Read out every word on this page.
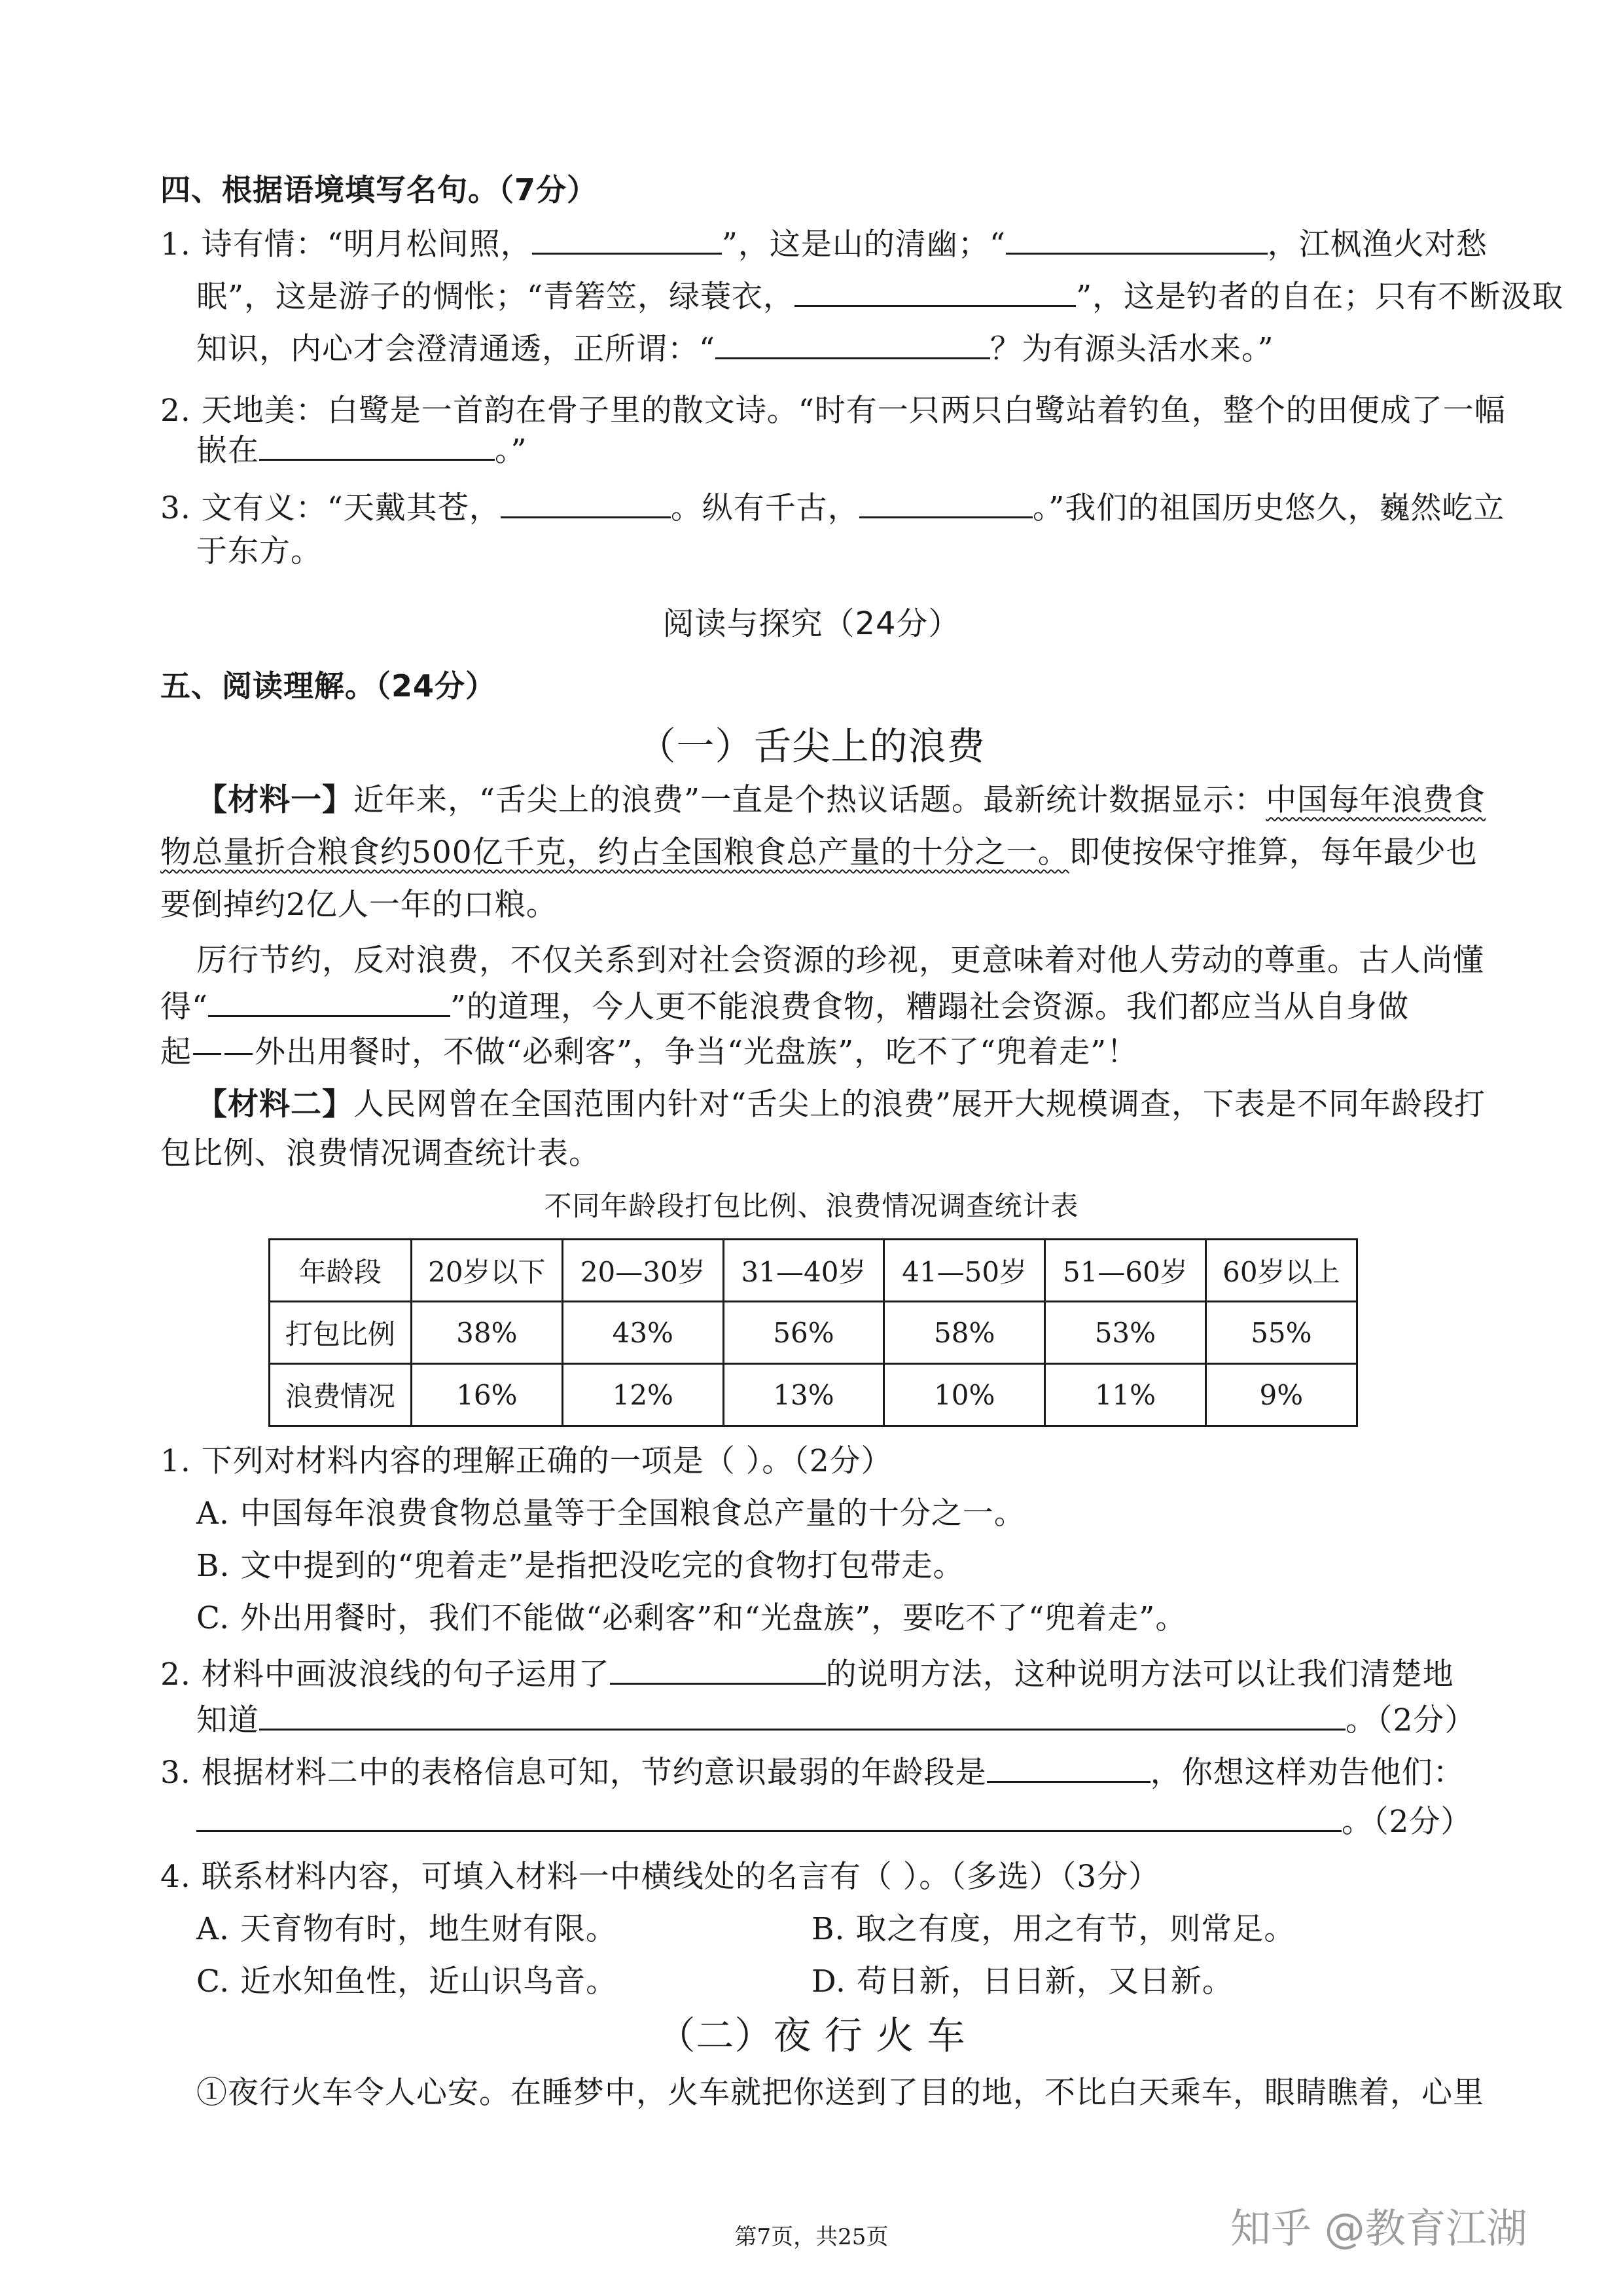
四、根据语境填写名句。（7分）
1. 诗有情：“明月松间照，	”，这是山的清幽；“	，江枫渔火对愁
眠”，这是游子的惆怅；“青箬笠，绿蓑衣，	”，这是钓者的自在；只有不断汲取
知识，内心才会澄清通透，正所谓：“	？为有源头活水来。”
2. 天地美：白鹭是一首韵在骨子里的散文诗。“时有一只两只白鹭站着钓鱼，整个的田便成了一幅
嵌在	。”
3. 文有义：“天戴其苍，	。纵有千古，	。”我们的祖国历史悠久，巍然屹立
于东方。
阅读与探究（24分）
五、阅读理解。（24分）
（一）舌尖上的浪费
【材料一】近年来，“舌尖上的浪费”一直是个热议话题。最新统计数据显示：中国每年浪费食
物总量折合粮食约500亿千克，约占全国粮食总产量的十分之一。即使按保守推算，每年最少也
要倒掉约2亿人一年的口粮。
厉行节约，反对浪费，不仅关系到对社会资源的珍视，更意味着对他人劳动的尊重。古人尚懂
得“	”的道理，今人更不能浪费食物，糟蹋社会资源。我们都应当从自身做
起——外出用餐时，不做“必剩客”，争当“光盘族”，吃不了“兜着走”！
【材料二】人民网曾在全国范围内针对“舌尖上的浪费”展开大规模调查，下表是不同年龄段打
包比例、浪费情况调查统计表。
不同年龄段打包比例、浪费情况调查统计表
年龄段	20岁以下	20—30岁	31—40岁	41—50岁	51—60岁	60岁以上
打包比例	38%	43%	56%	58%	53%	55%
浪费情况	16%	12%	13%	10%	11%	9%
1. 下列对材料内容的理解正确的一项是（ ）。（2分）
A. 中国每年浪费食物总量等于全国粮食总产量的十分之一。
B. 文中提到的“兜着走”是指把没吃完的食物打包带走。
C. 外出用餐时，我们不能做“必剩客”和“光盘族”，要吃不了“兜着走”。
2. 材料中画波浪线的句子运用了	的说明方法，这种说明方法可以让我们清楚地
知道	。（2分）
3. 根据材料二中的表格信息可知，节约意识最弱的年龄段是	，你想这样劝告他们：
。（2分）
4. 联系材料内容，可填入材料一中横线处的名言有（ ）。（多选）（3分）
A. 天育物有时，地生财有限。	B. 取之有度，用之有节，则常足。
C. 近水知鱼性，近山识鸟音。	D. 苟日新，日日新，又日新。
（二）夜 行 火 车
①夜行火车令人心安。在睡梦中，火车就把你送到了目的地，不比白天乘车，眼睛瞧着，心里
第7页，共25页	知乎 @教育江湖
